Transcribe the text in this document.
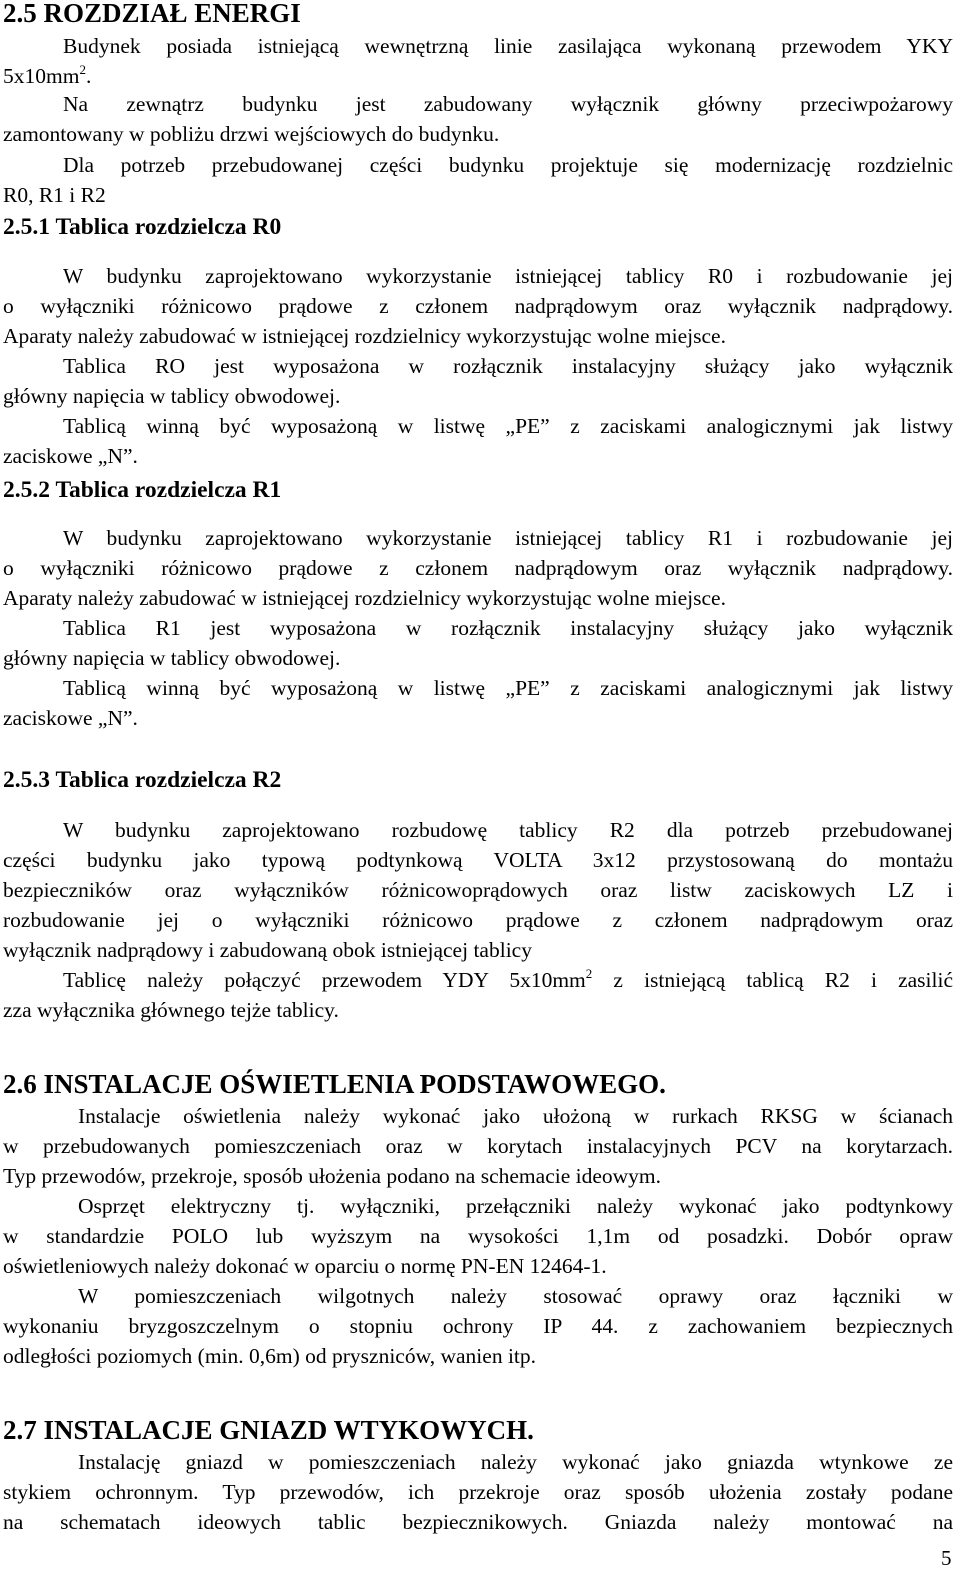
2.5 ROZDZIAŁ ENERGI
Budynek posiada istniejącą wewnętrzną linie zasilająca wykonaną przewodem YKY
$5x10mm^2$.
Na zewnątrz budynku jest zabudowany wyłącznik główny przeciwpożarowy
zamontowany w pobliżu drzwi wejściowych do budynku.
Dla potrzeb przebudowanej części budynku projektuje się modernizację rozdzielnic
R0, R1 i R2
2.5.1 Tablica rozdzielcza R0
W budynku zaprojektowano wykorzystanie istniejącej tablicy R0 i rozbudowanie jej
o wyłączniki różnicowo prądowe z członem nadprądowym oraz wyłącznik nadprądowy.
Aparaty należy zabudować w istniejącej rozdzielnicy wykorzystując wolne miejsce.
Tablica RO jest wyposażona w rozłącznik instalacyjny służący jako wyłącznik
główny napięcia w tablicy obwodowej.
Tablicą winną być wyposażoną w listwę „PE” z zaciskami analogicznymi jak listwy
zaciskowe „N”.
2.5.2 Tablica rozdzielcza R1
W budynku zaprojektowano wykorzystanie istniejącej tablicy R1 i rozbudowanie jej
o wyłączniki różnicowo prądowe z członem nadprądowym oraz wyłącznik nadprądowy.
Aparaty należy zabudować w istniejącej rozdzielnicy wykorzystując wolne miejsce.
Tablica R1 jest wyposażona w rozłącznik instalacyjny służący jako wyłącznik
główny napięcia w tablicy obwodowej.
Tablicą winną być wyposażoną w listwę „PE” z zaciskami analogicznymi jak listwy
zaciskowe „N”.
2.5.3 Tablica rozdzielcza R2
W budynku zaprojektowano rozbudowę tablicy R2 dla potrzeb przebudowanej
części budynku jako typową podtynkową VOLTA 3x12 przystosowaną do montażu
bezpieczników oraz wyłączników różnicowoprądowych oraz listw zaciskowych LZ i
rozbudowanie jej o wyłączniki różnicowo prądowe z członem nadprądowym oraz
wyłącznik nadprądowy i zabudowaną obok istniejącej tablicy
Tablicę należy połączyć przewodem YDY $5x10mm^2$ z istniejącą tablicą R2 i zasilić
zza wyłącznika głównego tejże tablicy.
2.6 INSTALACJE OŚWIETLENIA PODSTAWOWEGO.
Instalacje oświetlenia należy wykonać jako ułożoną w rurkach RKSG w ścianach
w przebudowanych pomieszczeniach oraz w korytach instalacyjnych PCV na korytarzach.
Typ przewodów, przekroje, sposób ułożenia podano na schemacie ideowym.
Osprzęt elektryczny tj. wyłączniki, przełączniki należy wykonać jako podtynkowy
w standardzie POLO lub wyższym na wysokości 1,1m od posadzki. Dobór opraw
oświetleniowych należy dokonać w oparciu o normę PN-EN 12464-1.
W pomieszczeniach wilgotnych należy stosować oprawy oraz łączniki w
wykonaniu bryzgoszczelnym o stopniu ochrony IP 44. z zachowaniem bezpiecznych
odległości poziomych (min. 0,6m) od pryszniców, wanien itp.
2.7 INSTALACJE GNIAZD WTYKOWYCH.
Instalację gniazd w pomieszczeniach należy wykonać jako gniazda wtynkowe ze
stykiem ochronnym. Typ przewodów, ich przekroje oraz sposób ułożenia zostały podane
na schematach ideowych tablic bezpiecznikowych. Gniazda należy montować na
5
